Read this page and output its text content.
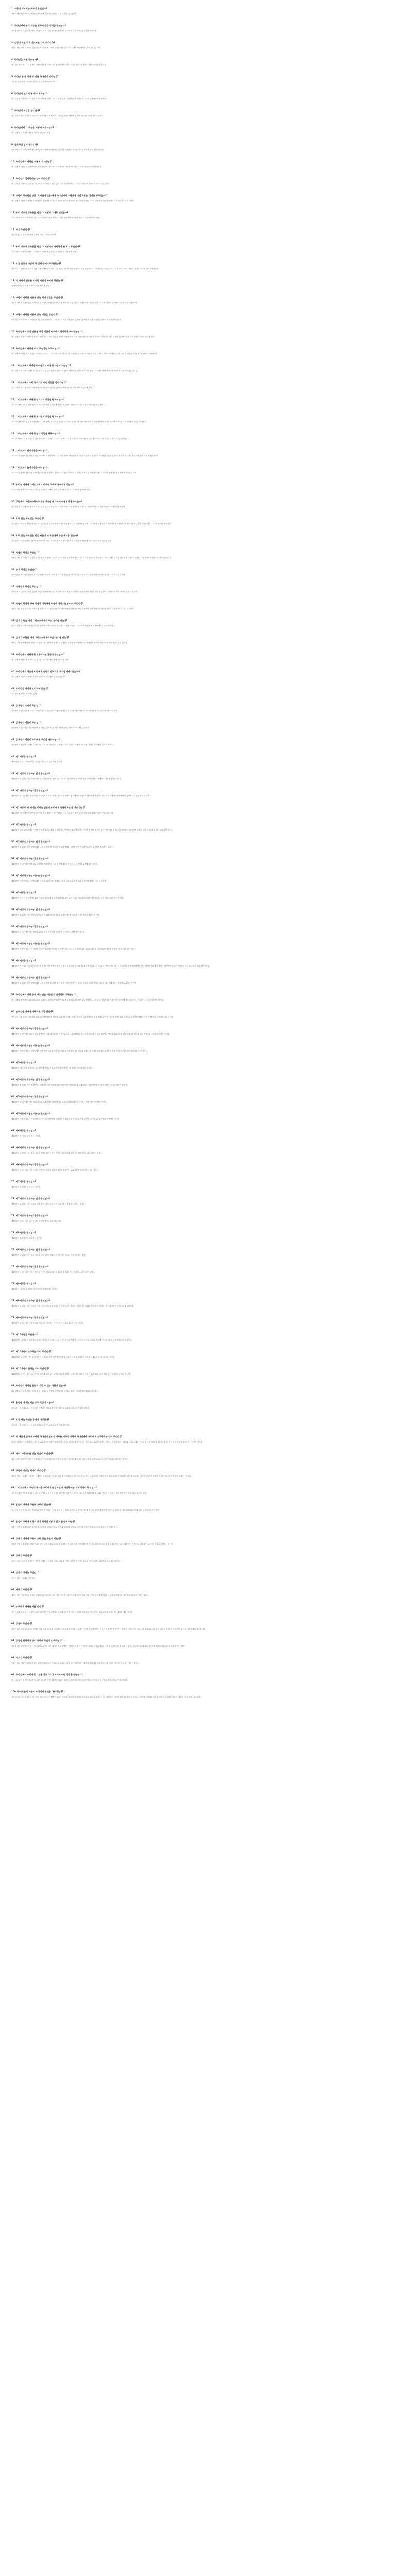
1. 서방이 해외여는 목적이 무엇인가?
서방의 해외여는 목적은 하나님을 영화롭게 하는 것과 영원히 그를 즐거워하는 것이다.
2. 하나님께서 우리 교만을 위하여 무슨 법칙을 주셨는가?
구약과 신약에 기록된 하나님의 말씀은 우리가 하나님을 영화롭게 하고 즐거워할 것을 지시하는 유일한 법칙이다.
3. 성경이 제일 되게 가르치는 것이 무엇인가?
성경이 제일 되게 가르치는 것은 사람이 하나님에 대하여 무엇을 믿을 것과 하나님께서 사람에게 요구하시는 본분이다.
4. 하나님은 어떤 분이신가?
하나님은 영이시니 그의 존재와 지혜와 권능과 거룩하심과 공의와 인자하심과 진실하심이 무한하시며 영원하시며 불변하시다.
5. 하나님 한 분 외에 또 다른 하나님이 계시는가?
오직 한 분만 계시니 곧 살아 계시고 참되신 하나님이시다.
6. 하나님의 신격에 몇 위가 계시는가?
하나님의 신격에 삼위가 계시니 성부와 성자와 성령이시라 이 삼위는 한 하나님이시니 본체는 하나요 권능과 영광은 동등하시다.
7. 하나님의 작정은 무엇인가?
하나님의 작정은 그의 뜻의 의논대로 하신 영원한 목적이시니 이로써 자기의 영광을 위하여 모든 일을 미리 정하신 것이다.
8. 하나님께서 그 작정을 어떻게 이루시는가?
하나님께서 그 작정을 창조와 섭리의 일로 이루신다.
9. 창조하신 일이 무엇인가?
창조하신 일은 하나님께서 권능의 말씀으로 엿새 동안에 아무것도 없는 가운데서 만물을 지으신 것인데 모두 심히 좋았더라.
10. 하나님께서 사람을 어떻게 지으셨는가?
하나님께서 사람을 남자와 여자로 자기 형상대로 지으시되 지식과 의와 거룩함으로 지으시고 피조물을 다스리게 하셨다.
11. 하나님의 섭리하시는 일이 무엇인가?
하나님의 섭리하시는 일은 지극히 거룩하고 지혜롭고 권능 있게 그의 모든 피조물과 그 모든 행동을 보존하시고 다스리시는 것이다.
12. 사람이 창조함을 받은 그 지위에 있을 때에 하나님께서 사람에게 어떤 특별한 섭리를 행하셨는가?
하나님께서 사람을 창조하신 후에 완전히 순종하는 조건으로 생명의 언약을 맺으시고 선악을 알게 하는 나무의 열매는 먹지 못하게 하시되 먹으면 죽으리라 하셨다.
13. 우리 시조가 창조함을 받은 그 지위에 그대로 있었는가?
우리 시조가 자기 의지의 자유대로 하도록 버려 두셨을 때에 하나님께 범죄하여 창조함을 받은 그 지위에서 타락하였다.
14. 죄가 무엇인가?
죄는 하나님의 법을 순종함에 부족한 것이나 어기는 것이다.
15. 우리 시조가 창조함을 받은 그 지위에서 타락하게 된 죄가 무엇인가?
우리 시조가 창조함을 받은 그 지위에서 타락하게 된 죄는 그 금하신 실과를 먹은 것이다.
16. 모든 인류가 아담의 첫 범죄 중에 타락하였는가?
아담으로 더불어 언약을 세운 것은 그만 위해서만 아니라 그의 후손을 위하여 세운 것이므로 보통 생육법으로 그에게서 난 모든 인류가 그의 첫 범죄 중에 그 안에서 범죄하고 그와 함께 타락하였다.
17. 이 타락이 인류를 어떠한 지위에 빠지게 하였는가?
이 타락이 인류를 죄와 비참의 지위에 빠지게 하였다.
18. 사람이 타락한 지위에 있는 죄의 성질은 무엇인가?
사람이 타락한 지위에 있는 죄의 성질은 아담의 첫 범죄한 죄책과 원의의 결핍과 온 성질의 부패함이니 이것을 원죄라 하고 또 원죄로 말미암아 나오는 모든 자범죄이다.
19. 사람이 타락한 지위에 있는 비참은 무엇인가?
모든 인류가 타락함으로 하나님과 교통함을 잃어버리고 그의 진노와 저주 아래 있어 금세의 모든 비참과 죽음과 영원한 지옥의 형벌을 받게 되었다.
20. 하나님께서 모든 인류를 죄와 비참의 지위에서 멸망하게 버려두셨는가?
하나님께서 오직 그 기뻐하신 뜻대로 영원 전부터 어떤 사람을 택하사 영생을 얻게 하시고 은혜 언약을 세우사 구속자로 말미암아 죄와 비참의 지위에서 건져 내어 구원의 지위에 이르게 하셨다.
21. 하나님께서 택하신 자의 구속자는 누구이신가?
하나님께서 택하신 자의 유일한 구속자는 주 예수 그리스도이시니 그는 하나님의 영원하신 아들로서 사람이 되셨고 과거나 지금이나 영원토록 한 위에 두 성품을 가지신 하나님이시요 사람이시다.
22. 그리스도께서 하나님의 아들로서 어떻게 사람이 되셨는가?
하나님의 아들 그리스도께서 진정한 몸과 이성 있는 영혼을 취하시고 사람이 되셨으니 성령의 능력으로 동정녀 마리아의 태에 잉태되어 그에게서 나셨으나 죄는 없으시다.
23. 그리스도께서 우리 구속자로 어떤 직분을 행하시는가?
우리 구속자가 되신 그리스도께서 낮아지심과 높아지심의 지위에서 선지자와 제사장과 왕의 직분을 행하신다.
24. 그리스도께서 어떻게 선지자의 직분을 행하시는가?
그리스도께서 그의 말씀과 성령으로 하나님의 뜻을 우리에게 나타내사 우리를 구원하게 하심으로 선지자의 직분을 행하신다.
25. 그리스도께서 어떻게 제사장의 직분을 행하시는가?
그리스도께서 자기를 한 번 희생 제물로 드려 하나님의 공의를 만족하게 하시고 우리를 하나님과 화목하게 하시며 계속해서 우리를 위하여 간구하심으로 제사장의 직분을 행하신다.
26. 그리스도께서 어떻게 왕의 직분을 행하시는가?
그리스도께서 우리를 자기에게 복종하게 하시고 우리를 다스리시고 보호하시며 자기와 우리의 모든 원수를 제어하시고 정복하심으로 왕의 직분을 행하신다.
27. 그리스도의 낮아지심은 어떠한가?
그리스도의 낮아지심은 비천한 형편으로 나시고 율법 아래 나시고 이 세상의 여러 비참과 하나님의 진노와 십자가의 저주받는 죽음을 당하시고 장사되시고 얼마 동안 사망 권세 아래 계셨던 것이다.
28. 그리스도의 높아지심은 어떠한가?
그리스도의 높아지심은 사흘 만에 죽은 자 가운데서 다시 살아나시고 하늘에 오르시고 하나님 아버지 우편에 앉아 계시고 마지막 날에 세상을 심판하러 오시는 것이다.
29. 우리는 어떻게 그리스도께서 이루신 구속에 참여하게 되는가?
우리는 성령께서 그리스도께서 이루신 구속을 우리에게 효력 있게 적용하심으로 그 구속에 참여하게 된다.
30. 성령께서 그리스도께서 이루신 구속을 우리에게 어떻게 적용하시는가?
성령께서 우리 안에 믿음을 일으키시고 효력 있는 부르심으로 우리를 그리스도와 연합하게 하심으로 그리스도께서 이루신 구속을 우리에게 적용하신다.
31. 효력 있는 부르심은 무엇인가?
효력 있는 부르심은 하나님의 영이 하시는 일인데 우리의 죄와 비참을 깨닫게 하시고 우리 마음을 밝혀 그리스도를 알게 하시고 우리 의지를 새롭게 하사 복음 가운데 값없이 주시는 예수 그리스도를 영접하게 하신다.
32. 효력 있는 부르심을 받은 자들이 이 세상에서 무슨 유익을 얻는가?
효력 있는 부르심을 받은 자들이 이 세상에서 의롭다 하심과 양자 되심과 거룩하게 하심과 및 이것들에 따라오는 모든 유익을 얻는다.
33. 의롭다 하심은 무엇인가?
의롭다 하심은 하나님의 값없이 주시는 은혜의 행위이니 그리스도의 의를 우리에게 전가하시고 우리가 믿음으로만 받음으로 하나님께서 우리의 모든 죄를 사하시고 우리를 그의 앞에서 의롭다고 인정하시는 것이다.
34. 양자 되심은 무엇인가?
양자 되심은 하나님의 값없이 주시는 은혜의 행위이니 이로써 우리가 하나님의 자녀의 수효에 들고 하나님의 자녀로서 모든 권리를 누리게 되는 것이다.
35. 거룩하게 하심은 무엇인가?
거룩하게 하심은 하나님의 값없이 주시는 은혜의 사역이니 이로써 우리의 전인이 하나님의 형상을 따라 새롭게 되고 점점 죄에 대하여 죽고 의에 대하여 살게 되는 것이다.
36. 의롭다 하심과 양자 되심과 거룩하게 하심에 따라오는 유익이 무엇인가?
의롭다 하심과 양자 되심과 거룩하게 하심에 따라오는 유익은 하나님의 사랑을 확신함과 양심의 평안과 성령 안에서의 기쁨과 은혜가 더함과 끝까지 견디는 것이다.
37. 신자가 죽을 때에 그리스도에게서 무슨 유익을 받는가?
신자의 영혼은 죽을 때에 완전히 거룩하게 되어 즉시 영광에 들어가고 그 몸은 여전히 그리스도와 연합한 채 부활할 때까지 무덤에서 쉰다.
38. 신자가 부활할 때에 그리스도에게서 무슨 유익을 받는가?
신자가 부활할 때에 영광 중에 다시 살아나서 심판 날에 공적으로 인정되고 사함을 받으며 영원토록 하나님을 완전히 즐거워하는 복을 충만히 누릴 것이다.
39. 하나님께서 사람에게 요구하시는 본분이 무엇인가?
하나님께서 사람에게 요구하시는 본분은 그의 나타내신 뜻에 순종하는 것이다.
40. 하나님께서 처음에 사람에게 순종의 법칙으로 무엇을 나타내셨는가?
하나님께서 처음에 사람에게 순종의 법칙으로 나타내신 것은 도덕법이다.
41. 도덕법은 어디에 요약되어 있는가?
도덕법은 십계명에 요약되어 있다.
42. 십계명의 요약이 무엇인가?
십계명의 요약은 마음을 다하고 목숨을 다하고 힘을 다하고 뜻을 다하여 주 우리 하나님을 사랑하고 또 네 이웃을 네 자신같이 사랑하는 것이다.
43. 십계명의 서문이 무엇인가?
십계명의 서문은 나는 너를 애굽 땅 종 되었던 집에서 인도하여 낸 네 하나님 여호와로라 하신 말씀이다.
44. 십계명의 서문이 우리에게 무엇을 가르치는가?
십계명의 서문은 하나님께서 주님이시요 우리 하나님이시요 구속자이시므로 우리가 마땅히 그의 모든 계명을 지켜야 할 것을 가르친다.
45. 제1계명은 무엇인가?
제1계명은 너는 나 외에는 다른 신들을 네게 두지 말라 하신 것이다.
46. 제1계명이 요구하는 것이 무엇인가?
제1계명이 요구하는 것은 하나님만이 유일하신 참 하나님이시요 우리 하나님이신 줄 알고 인정하며 그에게 마땅히 예배하고 영화롭게 하는 것이다.
47. 제1계명이 금하는 것이 무엇인가?
제1계명이 금하는 것은 참 하나님을 하나님으로 또 우리 하나님으로 인정하지 않고 예배하지 않으며 영화롭게 하지 아니하는 것과 그에게만 돌릴 예배와 영광을 다른 것에 돌리는 것이다.
48. 제1계명의 '나 외에는'이라는 말씀이 우리에게 특별히 무엇을 가르치는가?
제1계명의 '나 외에는'이라는 말씀은 만물을 감찰하시는 하나님께서 다른 신을 두는 죄를 주목하시며 심히 싫어하신다는 것을 가르친다.
49. 제2계명은 무엇인가?
제2계명은 너를 위하여 새긴 우상을 만들지 말고 또 위로 하늘에 있는 것이나 아래로 땅에 있는 것이나 땅 아래 물 속에 있는 것의 어떤 형상도 만들지 말며 그것들에게 절하지 말며 그것들을 섬기지 말라 하신 것이다.
50. 제2계명이 요구하는 것이 무엇인가?
제2계명이 요구하는 것은 하나님께서 그의 말씀에 정하신 모든 종교적 예배와 규례를 받아 지키며 순수하고 온전하게 보존하는 것이다.
51. 제2계명이 금하는 것이 무엇인가?
제2계명이 금하는 것은 형상으로 하나님을 예배하거나 그의 말씀에 정하지 아니한 다른 방법으로 예배하는 것이다.
52. 제2계명에 덧붙인 이유는 무엇인가?
제2계명에 덧붙인 이유는 하나님께서 우리를 주관하시는 권세와 우리가 그의 소유가 된 것과 그 자신의 예배에 대한 열심이다.
53. 제3계명은 무엇인가?
제3계명은 너는 네 하나님 여호와의 이름을 망령되게 부르지 말라 여호와는 그의 이름을 망령되게 부르는 자를 죄 없다 하지 아니하리라 하신 것이다.
54. 제3계명이 요구하는 것이 무엇인가?
제3계명이 요구하는 것은 하나님의 이름과 칭호와 속성과 규례와 말씀과 행사를 거룩하고 경건하게 사용하는 것이다.
55. 제3계명이 금하는 것이 무엇인가?
제3계명이 금하는 것은 하나님께서 자기를 알게 하신 어떤 것이든지 더럽히거나 남용하는 것이다.
56. 제3계명에 덧붙인 이유는 무엇인가?
제3계명에 덧붙인 이유는 이 계명을 범하는 자가 사람의 형벌은 피할지라도 우리 주 하나님께서는 그들로 하여금 그의 의로운 심판을 피하지 못하게 하신다는 것이다.
57. 제4계명은 무엇인가?
제4계명은 안식일을 기억하여 거룩하게 지키라 엿새 동안은 힘써 네 모든 일을 행할 것이나 일곱째 날은 네 하나님 여호와의 안식일인즉 너나 네 아들이나 네 딸이나 네 남종이나 네 여종이나 네 가축이나 네 문안에 머무는 객이라도 아무 일도 하지 말라 하신 것이다.
58. 제4계명이 요구하는 것이 무엇인가?
제4계명이 요구하는 것은 하나님께서 그의 말씀에 지정하신 모든 때를 거룩하게 지키는 것이니 특별히 칠 일 중에 온 하루를 하나님께 거룩한 안식일로 지키는 것이다.
59. 하나님께서 이레 중에 어느 날을 매주일의 안식일로 정하셨는가?
하나님께서 세상 처음부터 그리스도의 부활하실 때까지는 이레 중 일곱째 날을 매주일의 안식일로 정하셨고 그 후로부터 세상 끝날까지는 이레 중 첫째 날을 정하셨으니 이것이 그리스도인의 안식일이다.
60. 안식일을 어떻게 거룩하게 지킬 것인가?
안식일은 그날 온종일 거룩하게 쉬되 다른 날에 합당한 세상의 일과 오락까지도 쉬며 부득이한 일과 자비로운 일을 제외하고는 온 시간을 공적으로나 사적으로 하나님을 예배하는 데 사용함으로 거룩하게 지킬 것이다.
61. 제4계명이 금하는 것이 무엇인가?
제4계명이 금하는 것은 요구된 본분을 빠뜨리거나 소홀히 하거나 게으름으로 그날을 더럽히거나 그 자체로 죄 된 일을 행하거나 세상의 일과 오락에 관한 불필요한 생각과 말과 행동으로 그날을 더럽히는 것이다.
62. 제4계명에 덧붙인 이유는 무엇인가?
제4계명에 덧붙인 이유는 하나님께서 엿새 동안 우리 자신의 일을 하도록 허락하신 것과 일곱째 날에 대한 특별한 소유권을 주장하신 것과 자신의 모범과 안식일에 복을 주신 것이다.
63. 제5계명은 무엇인가?
제5계명은 네 부모를 공경하라 그리하면 네 하나님 여호와가 네게 준 땅에서 네 생명이 길리라 하신 것이다.
64. 제5계명이 요구하는 것이 무엇인가?
제5계명이 요구하는 것은 윗사람이나 아랫사람이나 동등한 사람으로서 각자 여러 처지와 관계에 따라 속한 명예를 보존하며 마땅한 본분을 행하는 것이다.
65. 제5계명이 금하는 것이 무엇인가?
제5계명이 금하는 것은 각자 여러 처지와 관계에 따라 속한 명예와 본분을 소홀히 하거나 거스르는 어떤 일이든지 하는 것이다.
66. 제5계명에 덧붙인 이유는 무엇인가?
제5계명에 덧붙인 이유는 이 계명을 지키는 모든 사람에게 하나님의 영광과 그들 자신의 유익에 도움이 되는 한 장수와 번영을 약속하신 것이다.
67. 제6계명은 무엇인가?
제6계명은 살인하지 말라 하신 것이다.
68. 제6계명이 요구하는 것이 무엇인가?
제6계명이 요구하는 것은 우리 자신의 생명과 다른 사람의 생명을 보존하기 위하여 모든 합법적인 노력을 다하는 것이다.
69. 제6계명이 금하는 것이 무엇인가?
제6계명이 금하는 것은 우리 자신의 생명이나 이웃의 생명을 불의하게 빼앗는 것과 그렇게 하도록 하는 모든 일이다.
70. 제7계명은 무엇인가?
제7계명은 간음하지 말라 하신 것이다.
71. 제7계명이 요구하는 것이 무엇인가?
제7계명이 요구하는 것은 마음과 말과 행동에 있어서 우리 자신과 이웃의 순결을 보존하는 것이다.
72. 제7계명이 금하는 것이 무엇인가?
제7계명이 금하는 것은 모든 순결하지 못한 생각과 말과 행동이다.
73. 제8계명은 무엇인가?
제8계명은 도둑질하지 말라 하신 것이다.
74. 제8계명이 요구하는 것이 무엇인가?
제8계명이 요구하는 것은 우리 자신과 다른 사람의 재물과 재산을 합법적으로 얻고 증진하는 것이다.
75. 제8계명이 금하는 것이 무엇인가?
제8계명이 금하는 것은 우리 자신이나 이웃의 재물과 재산을 불의하게 방해하거나 방해할 수 있는 모든 일이다.
76. 제9계명은 무엇인가?
제9계명은 네 이웃에 대하여 거짓 증거하지 말라 하신 것이다.
77. 제9계명이 요구하는 것이 무엇인가?
제9계명이 요구하는 것은 사람과 사람 사이에 진실을 유지하고 증진하며 우리 자신과 이웃의 좋은 이름을 보존하고 증진하는 것이니 특별히 증거할 때에 그러하다.
78. 제9계명이 금하는 것이 무엇인가?
제9계명이 금하는 것은 진실을 해치거나 우리 자신이나 이웃의 좋은 이름을 해치는 모든 일이다.
79. 제10계명은 무엇인가?
제10계명은 네 이웃의 집을 탐내지 말라 네 이웃의 아내나 그의 남종이나 그의 여종이나 그의 소나 그의 나귀나 무릇 네 이웃의 소유를 탐내지 말라 하신 것이다.
80. 제10계명이 요구하는 것이 무엇인가?
제10계명이 요구하는 것은 우리 자신의 처지에 온전히 만족하며 이웃과 그의 모든 소유에 대하여 바르고 인애로운 마음을 가지는 것이다.
81. 제10계명이 금하는 것이 무엇인가?
제10계명이 금하는 것은 우리 자신의 처지에 대한 모든 불만과 이웃의 잘됨을 시기하거나 애석히 여기는 것과 그의 소유에 대한 모든 무절제한 마음과 욕심이다.
82. 하나님의 계명을 완전히 지킬 수 있는 사람이 있는가?
타락 이후로 단순한 사람은 이 세상에서 하나님의 계명을 완전히 지킬 수 없고 날마다 생각과 말과 행실로 어긴다.
83. 율법을 어기는 죄는 모두 똑같이 악한가?
어떤 죄는 그 자체로 또는 여러 가지 가중되는 이유로 말미암아 다른 죄보다 하나님 보시기에 더 악하다.
84. 모든 죄는 무엇을 받아야 마땅한가?
모든 죄는 이 세상과 오는 세상에서 하나님의 진노와 저주를 받아야 마땅하다.
85. 죄 때문에 받아야 마땅한 하나님의 진노와 저주를 피하기 위하여 하나님께서 우리에게 요구하시는 것이 무엇인가?
죄 때문에 받아야 마땅한 하나님의 진노와 저주를 피하기 위하여 하나님께서 우리에게 요구하시는 것은 예수 그리스도를 믿는 믿음과 생명에 이르는 회개와 그리스도께서 구속의 유익을 전달하실 때 사용하시는 모든 외적 방편을 부지런히 사용하는 것이다.
86. 예수 그리스도를 믿는 믿음이 무엇인가?
예수 그리스도를 믿는 믿음은 구원하는 은혜이니 이로써 우리가 복음 가운데 우리에게 제시된 대로 구원을 위하여 그리스도만을 영접하고 의지하는 것이다.
87. 생명에 이르는 회개가 무엇인가?
생명에 이르는 회개는 구원하는 은혜이니 이로써 죄인이 자기 죄를 참으로 깨닫고 그리스도 안에서 하나님의 자비를 깨달아 자기 죄를 슬퍼하고 미워하여 죄에서 떠나 하나님께로 돌이키며 새롭게 순종하기로 온전히 결심하고 힘쓰는 것이다.
88. 그리스도께서 구속의 유익을 우리에게 전달하실 때 사용하시는 외적 방편이 무엇인가?
그리스도께서 구속의 유익을 우리에게 전달하실 때 사용하시는 외적이고 일상적인 방편은 그의 규례 특히 말씀과 성례와 기도이니 이 모든 것이 택함 받은 자의 구원에 효력이 있다.
89. 말씀이 어떻게 구원에 효력이 있는가?
하나님의 영은 말씀을 읽는 것과 특히 말씀을 전파하는 것을 효력 있는 방편으로 삼으사 죄인을 깨닫게 하시고 돌이키게 하시며 믿음으로 말미암아 거룩함과 위로 가운데 세워 구원에 이르게 하신다.
90. 말씀이 구원에 효력이 있게 되려면 어떻게 읽고 들어야 하는가?
말씀이 구원에 효력이 있게 되려면 부지런함과 준비와 기도로 말씀에 주의하며 믿음과 사랑으로 받아 마음에 두고 우리 삶에서 실천해야 한다.
91. 성례가 어떻게 구원의 효력 있는 방편이 되는가?
성례가 구원의 효력 있는 방편이 되는 것은 성례 자체에나 그것을 집례하는 자에게 어떤 덕이 있어서가 아니라 오직 그리스도의 복 주심과 믿음으로 성례를 받는 자 안에서 일하시는 그의 영의 역사로 말미암는 것이다.
92. 성례가 무엇인가?
성례는 그리스도께서 제정하신 거룩한 규례이니 이로써 그리스도와 새 언약의 유익이 감각적인 표로써 신자들에게 나타내지고 인쳐지고 적용된다.
93. 신약의 성례는 무엇인가?
신약의 성례는 세례와 성찬이다.
94. 세례가 무엇인가?
세례는 성례이니 성부와 성자와 성령의 이름으로 물로 씻는 것은 우리가 그리스도에게 접붙여짐과 은혜 언약의 유익에 참여함과 주님의 것이 되기로 약속함을 나타내고 인치는 것이다.
95. 누구에게 세례를 베풀 것인가?
보이는 교회 밖에 있는 사람이 그리스도를 믿는다고 고백하고 그에게 순종하기 전에는 세례를 베풀지 않지만 보이는 교회 회원의 유아에게는 세례를 베풀 것이다.
96. 성찬이 무엇인가?
성찬은 성례이니 그리스도의 명하신 대로 떡과 포도주를 주고받음으로 그의 죽으심을 나타내는 것이며 합당하게 받는 자들은 육체적이고 육신적인 방식이 아니라 믿음으로 그의 몸과 피와 그의 모든 유익에 참여하여 영적 양식을 얻고 은혜 안에서 자라게 된다.
97. 성찬을 합당하게 받기 위하여 무엇이 요구되는가?
성찬을 합당하게 받고자 하는 자들에게 요구되는 것은 주님의 몸을 분별하는 지식과 그를 먹는 믿음과 회개와 사랑과 새로운 순종에 대하여 자신을 살피는 것이니 합당하지 않게 와서 자기에게 심판을 먹고 마시지 않게 하려는 것이다.
98. 기도가 무엇인가?
기도는 하나님의 뜻에 합당한 것을 위하여 그리스도의 이름으로 우리의 소원을 하나님께 아뢰는 것이니 우리 죄를 고백하고 그의 자비하심을 감사함으로 인정하는 것이다.
99. 하나님께서 우리에게 기도를 가르치시기 위하여 어떤 법칙을 주셨는가?
하나님의 모든 말씀이 기도를 가르치는 데 유용하지만 특별한 지침은 그리스도께서 그의 제자들에게 가르치신 기도의 형식이니 흔히 주기도문이라 부른다.
100. 주기도문의 서문이 우리에게 무엇을 가르치는가?
주기도문의 서문 곧 하늘에 계신 우리 아버지여라는 말씀은 자녀가 아버지에게 하듯이 우리를 도우실 수 있고 도우시려는 하나님께 모든 거룩한 경외심과 확신을 가지고 나아가며 또한 다른 사람과 함께 그리고 다른 사람을 위하여 기도할 것을 가르친다.
